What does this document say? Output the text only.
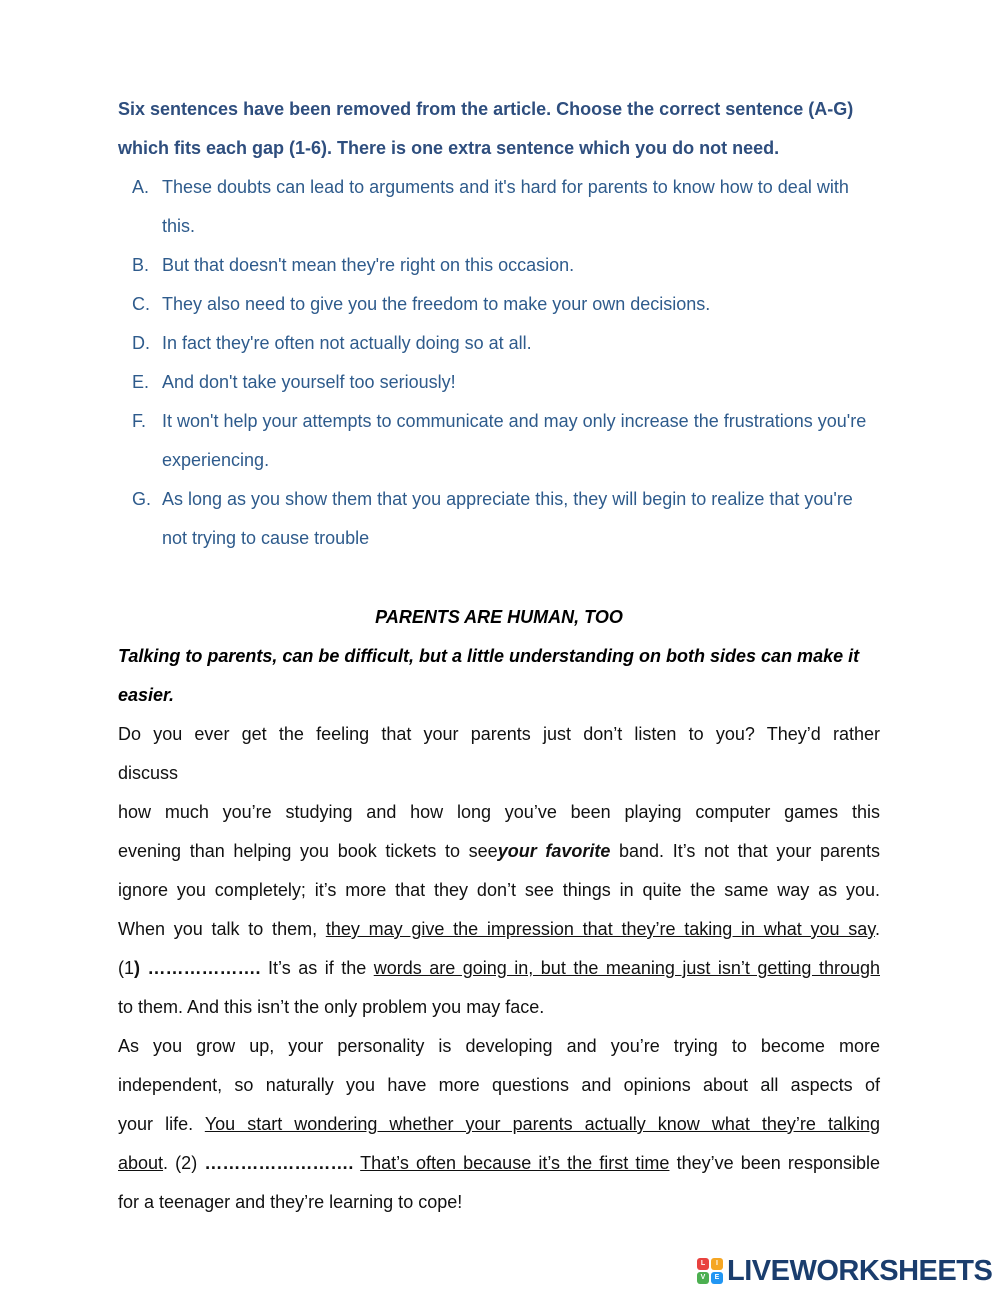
Six sentences have been removed from the article. Choose the correct sentence (A-G)
which fits each gap (1-6). There is one extra sentence which you do not need.

A. These doubts can lead to arguments and it's hard for parents to know how to deal with this.
B. But that doesn't mean they're right on this occasion.
C. They also need to give you the freedom to make your own decisions.
D. In fact they're often not actually doing so at all.
E. And don't take yourself too seriously!
F. It won't help your attempts to communicate and may only increase the frustrations you're experiencing.
G. As long as you show them that you appreciate this, they will begin to realize that you're not trying to cause trouble

PARENTS ARE HUMAN, TOO

Talking to parents, can be difficult, but a little understanding on both sides can make it easier.

Do you ever get the feeling that your parents just don’t listen to you? They’d rather
discuss
how much you’re studying and how long you’ve been playing computer games this
evening than helping you book tickets to seeyour favorite band. It’s not that your parents
ignore you completely; it’s more that they don’t see things in quite the same way as you.
When you talk to them, they may give the impression that they’re taking in what you say.
(1) ………………. It’s as if the words are going in, but the meaning just isn’t getting through
to them. And this isn’t the only problem you may face.
As you grow up, your personality is developing and you’re trying to become more
independent, so naturally you have more questions and opinions about all aspects of
your life. You start wondering whether your parents actually know what they’re talking
about. (2) ……………………. That’s often because it’s the first time they’ve been responsible
for a teenager and they’re learning to cope!
L	I
V	E LIVEWORKSHEETS
